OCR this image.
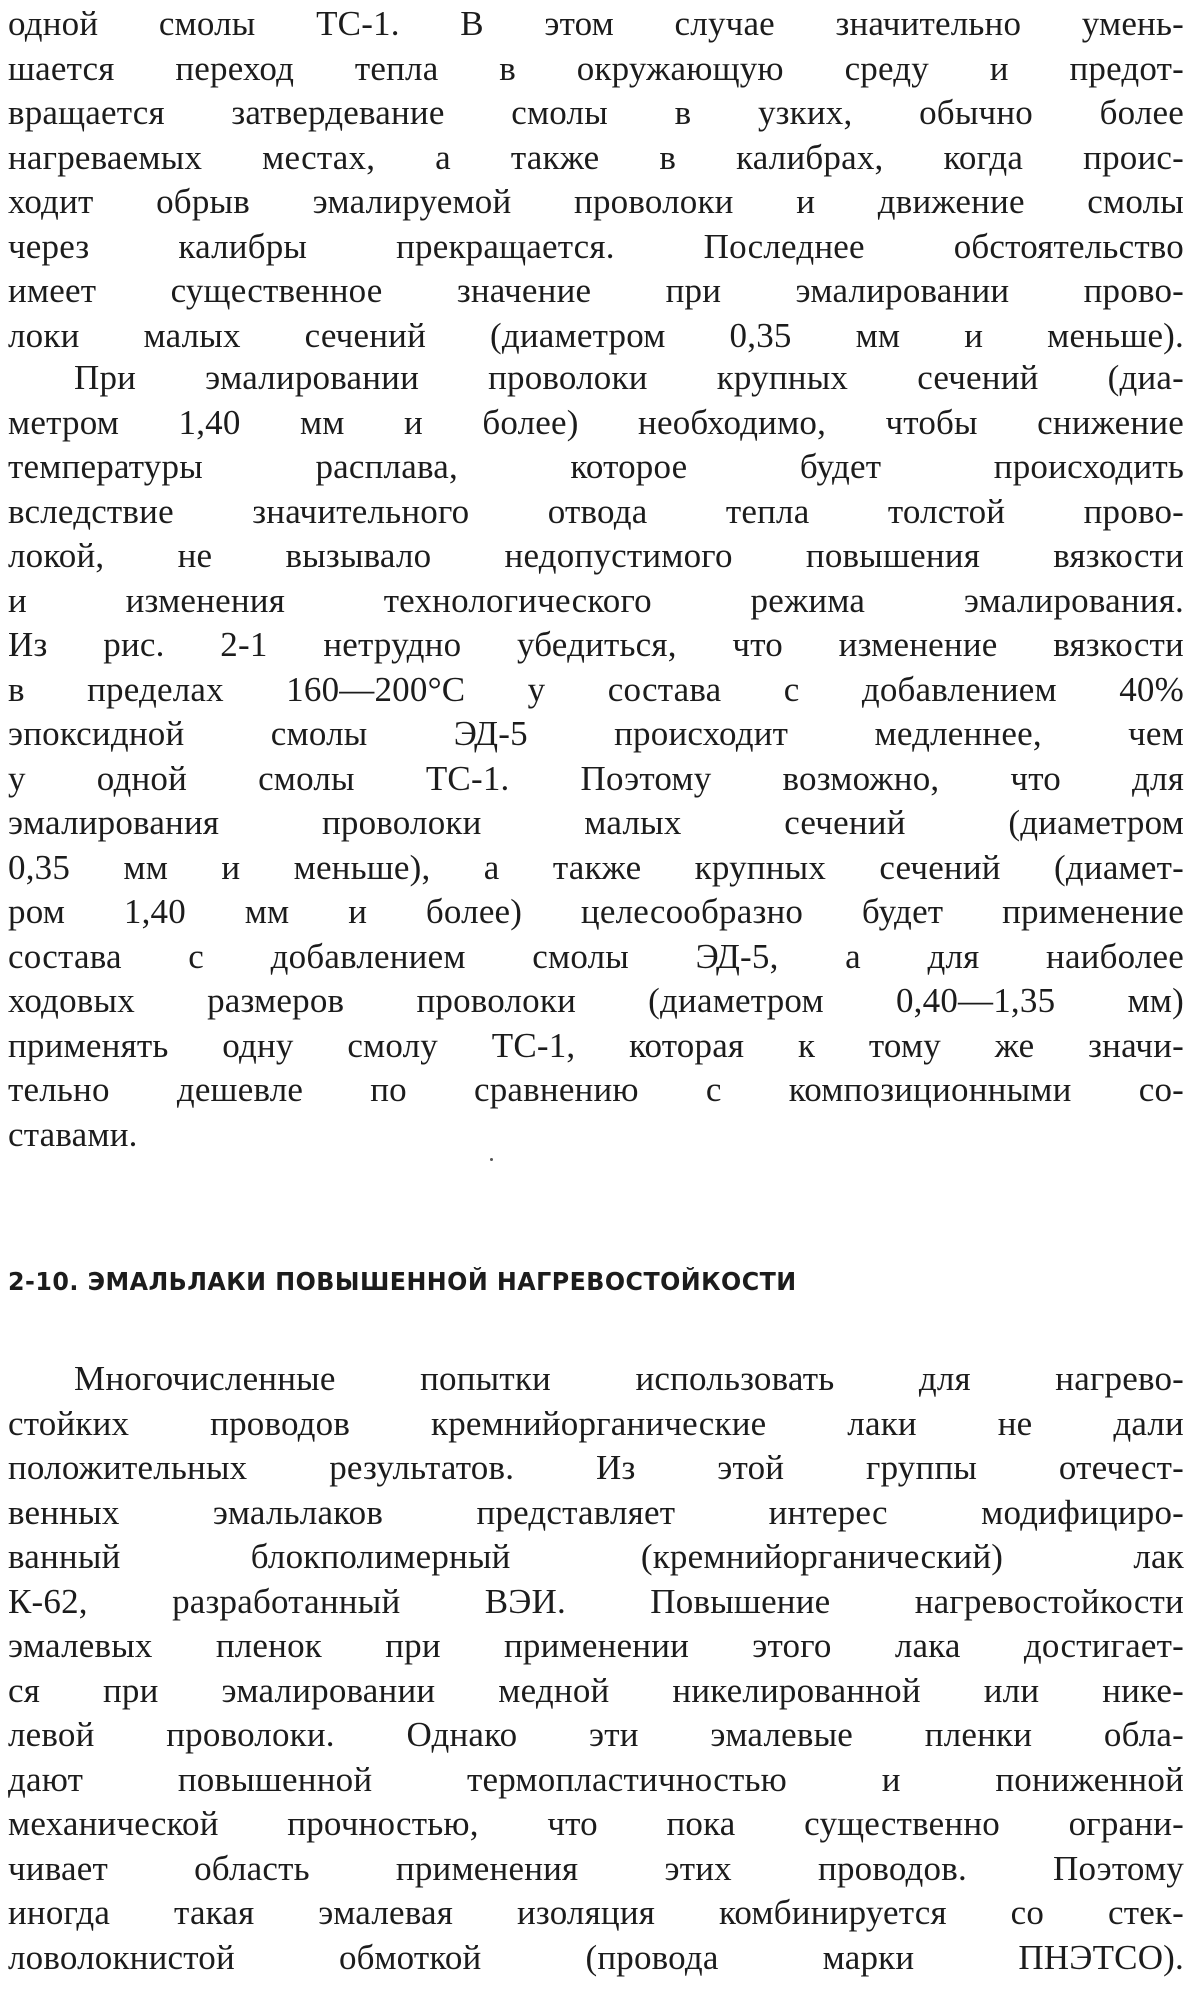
одной смолы ТС-1. В этом случае значительно умень-
шается переход тепла в окружающую среду и предот-
вращается затвердевание смолы в узких, обычно более
нагреваемых местах, а также в калибрах, когда проис-
ходит обрыв эмалируемой проволоки и движение смолы
через калибры прекращается. Последнее обстоятельство
имеет существенное значение при эмалировании прово-
локи малых сечений (диаметром 0,35 мм и меньше).
При эмалировании проволоки крупных сечений (диа-
метром 1,40 мм и более) необходимо, чтобы снижение
температуры расплава, которое будет происходить
вследствие значительного отвода тепла толстой прово-
локой, не вызывало недопустимого повышения вязкости
и изменения технологического режима эмалирования.
Из рис. 2-1 нетрудно убедиться, что изменение вязкости
в пределах 160—200°С у состава с добавлением 40%
эпоксидной смолы ЭД-5 происходит медленнее, чем
у одной смолы ТС-1. Поэтому возможно, что для
эмалирования проволоки малых сечений (диаметром
0,35 мм и меньше), а также крупных сечений (диамет-
ром 1,40 мм и более) целесообразно будет применение
состава с добавлением смолы ЭД-5, а для наиболее
ходовых размеров проволоки (диаметром 0,40—1,35 мм)
применять одну смолу ТС-1, которая к тому же значи-
тельно дешевле по сравнению с композиционными со-
ставами.
2-10. ЭМАЛЬЛАКИ ПОВЫШЕННОЙ НАГРЕВОСТОЙКОСТИ
Многочисленные попытки использовать для нагрево-
стойких проводов кремнийорганические лаки не дали
положительных результатов. Из этой группы отечест-
венных эмальлаков представляет интерес модифициро-
ванный блокполимерный (кремнийорганический) лак
К-62, разработанный ВЭИ. Повышение нагревостойкости
эмалевых пленок при применении этого лака достигает-
ся при эмалировании медной никелированной или нике-
левой проволоки. Однако эти эмалевые пленки обла-
дают повышенной термопластичностью и пониженной
механической прочностью, что пока существенно ограни-
чивает область применения этих проводов. Поэтому
иногда такая эмалевая изоляция комбинируется со стек-
ловолокнистой обмоткой (провода марки ПНЭТСО).
